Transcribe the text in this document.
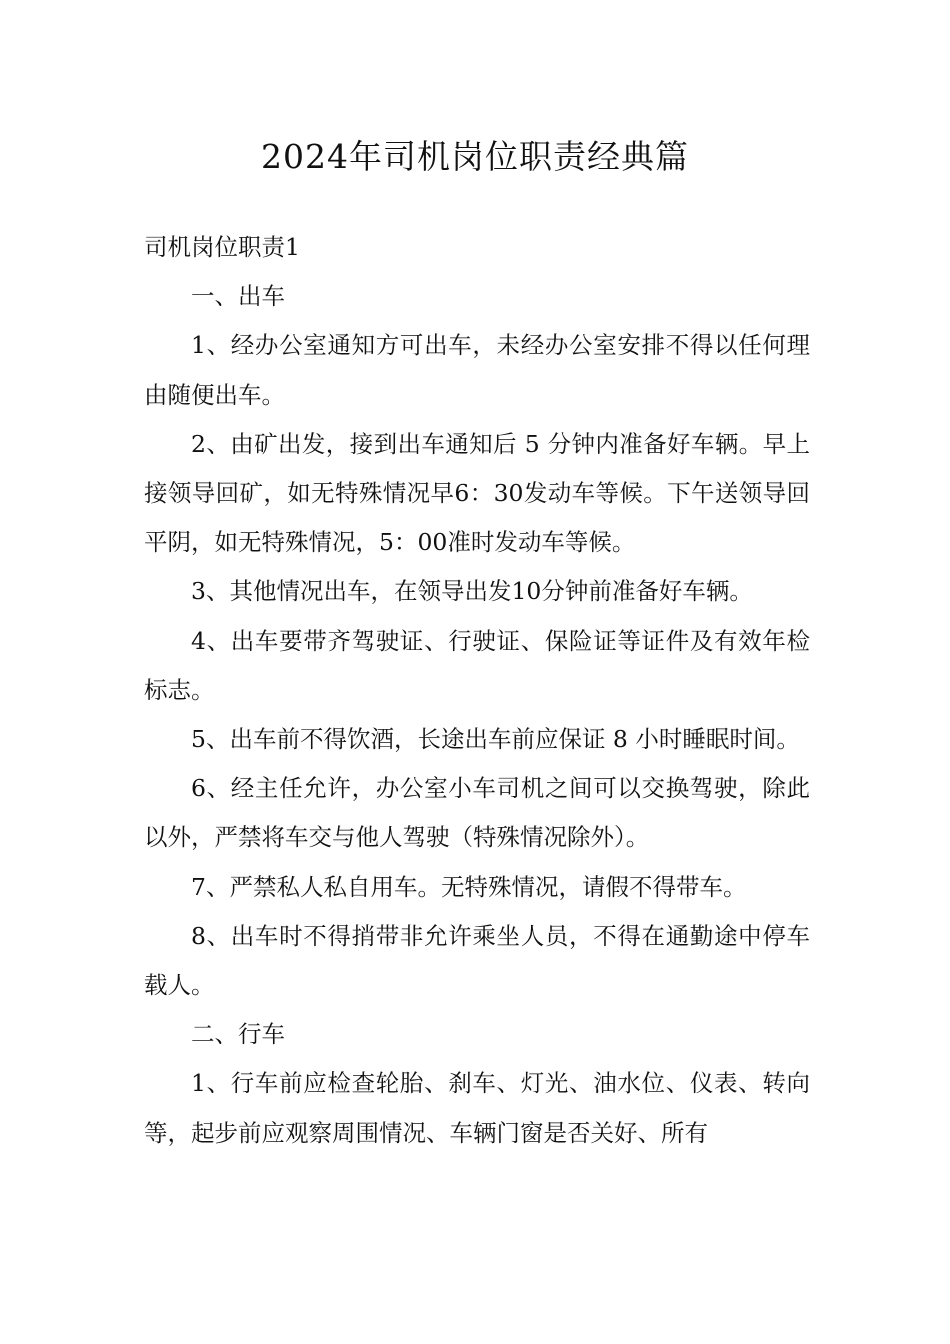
2024年司机岗位职责经典篇

司机岗位职责1

一、出车

1、经办公室通知方可出车，未经办公室安排不得以任何理由随便出车。

2、由矿出发，接到出车通知后 5 分钟内准备好车辆。早上接领导回矿，如无特殊情况早6：30发动车等候。下午送领导回平阴，如无特殊情况，5：00准时发动车等候。

3、其他情况出车，在领导出发10分钟前准备好车辆。

4、出车要带齐驾驶证、行驶证、保险证等证件及有效年检标志。

5、出车前不得饮酒，长途出车前应保证 8 小时睡眠时间。

6、经主任允许，办公室小车司机之间可以交换驾驶，除此以外，严禁将车交与他人驾驶（特殊情况除外）。

7、严禁私人私自用车。无特殊情况，请假不得带车。

8、出车时不得捎带非允许乘坐人员，不得在通勤途中停车载人。

二、行车

1、行车前应检查轮胎、刹车、灯光、油水位、仪表、转向等，起步前应观察周围情况、车辆门窗是否关好、所有
